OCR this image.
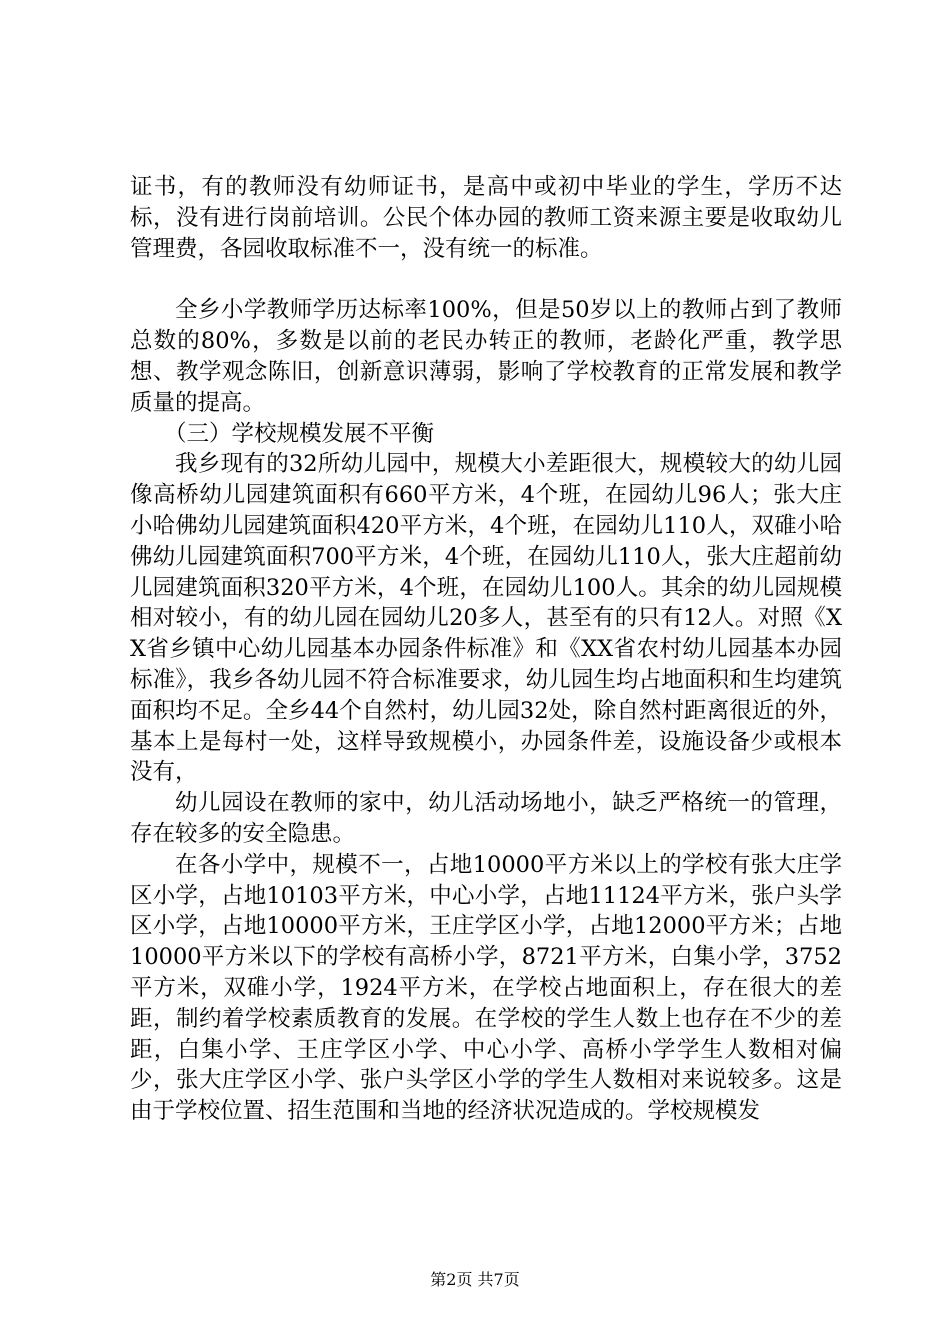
证书，有的教师没有幼师证书，是高中或初中毕业的学生，学历不达标，没有进行岗前培训。公民个体办园的教师工资来源主要是收取幼儿管理费，各园收取标准不一，没有统一的标准。

全乡小学教师学历达标率100%，但是50岁以上的教师占到了教师总数的80%，多数是以前的老民办转正的教师，老龄化严重，教学思想、教学观念陈旧，创新意识薄弱，影响了学校教育的正常发展和教学质量的提高。

（三）学校规模发展不平衡

我乡现有的32所幼儿园中，规模大小差距很大，规模较大的幼儿园像高桥幼儿园建筑面积有660平方米，4个班，在园幼儿96人；张大庄小哈佛幼儿园建筑面积420平方米，4个班，在园幼儿110人，双碓小哈佛幼儿园建筑面积700平方米，4个班，在园幼儿110人，张大庄超前幼儿园建筑面积320平方米，4个班，在园幼儿100人。其余的幼儿园规模相对较小，有的幼儿园在园幼儿20多人，甚至有的只有12人。对照《XX省乡镇中心幼儿园基本办园条件标准》和《XX省农村幼儿园基本办园标准》，我乡各幼儿园不符合标准要求，幼儿园生均占地面积和生均建筑面积均不足。全乡44个自然村，幼儿园32处，除自然村距离很近的外，基本上是每村一处，这样导致规模小，办园条件差，设施设备少或根本没有，

幼儿园设在教师的家中，幼儿活动场地小，缺乏严格统一的管理，存在较多的安全隐患。

在各小学中，规模不一，占地10000平方米以上的学校有张大庄学区小学，占地10103平方米，中心小学，占地11124平方米，张户头学区小学，占地10000平方米，王庄学区小学，占地12000平方米；占地10000平方米以下的学校有高桥小学，8721平方米，白集小学，3752平方米，双碓小学，1924平方米，在学校占地面积上，存在很大的差距，制约着学校素质教育的发展。在学校的学生人数上也存在不少的差距，白集小学、王庄学区小学、中心小学、高桥小学学生人数相对偏少，张大庄学区小学、张户头学区小学的学生人数相对来说较多。这是由于学校位置、招生范围和当地的经济状况造成的。学校规模发

第2页 共7页
